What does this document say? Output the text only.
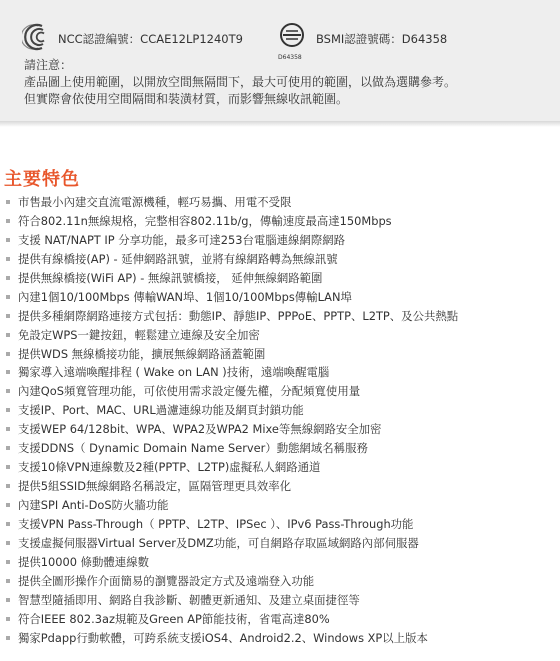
NCC認證編號：CCAE12LP1240T9
D64358
BSMI認證號碼：D64358
請注意：
產品圖上使用範圍，以開放空間無隔間下，最大可使用的範圍，以做為選購參考。
但實際會依使用空間隔間和裝潢材質，而影響無線收訊範圍。
主要特色
市售最小內建交直流電源機種，輕巧易攜、用電不受限
符合802.11n無線規格，完整相容802.11b/g，傳輸速度最高達150Mbps
支援 NAT/NAPT IP 分享功能，最多可達253台電腦連線網際網路
提供有線橋接(AP) - 延伸網路訊號，並將有線網路轉為無線訊號
提供無線橋接(WiFi AP) - 無線訊號橋接， 延伸無線網路範圍
內建1個10/100Mbps 傳輸WAN埠、1個10/100Mbps傳輸LAN埠
提供多種網際網路連接方式包括：動態IP、靜態IP、PPPoE、PPTP、L2TP、及公共熱點
免設定WPS一鍵按鈕，輕鬆建立連線及安全加密
提供WDS 無線橋接功能，擴展無線網路涵蓋範圍
獨家導入遠端喚醒排程 ( Wake on LAN )技術，遠端喚醒電腦
內建QoS頻寬管理功能，可依使用需求設定優先權，分配頻寬使用量
支援IP、Port、MAC、URL過濾連線功能及網頁封鎖功能
支援WEP 64/128bit、WPA、WPA2及WPA2 Mixe等無線網路安全加密
支援DDNS（ Dynamic Domain Name Server）動態網域名稱服務
支援10條VPN連線數及2種(PPTP、L2TP)虛擬私人網路通道
提供5組SSID無線網路名稱設定，區隔管理更具效率化
內建SPI Anti-DoS防火牆功能
支援VPN Pass-Through（ PPTP、L2TP、IPSec ）、IPv6 Pass-Through功能
支援虛擬伺服器Virtual Server及DMZ功能，可自網路存取區域網路內部伺服器
提供10000 條動體連線數
提供全圖形操作介面簡易的瀏覽器設定方式及遠端登入功能
智慧型隨插即用、網路自我診斷、韌體更新通知、及建立桌面捷徑等
符合IEEE 802.3az規範及Green AP節能技術，省電高達80%
獨家Pdapp行動軟體，可跨系統支援iOS4、Android2.2、Windows XP以上版本
